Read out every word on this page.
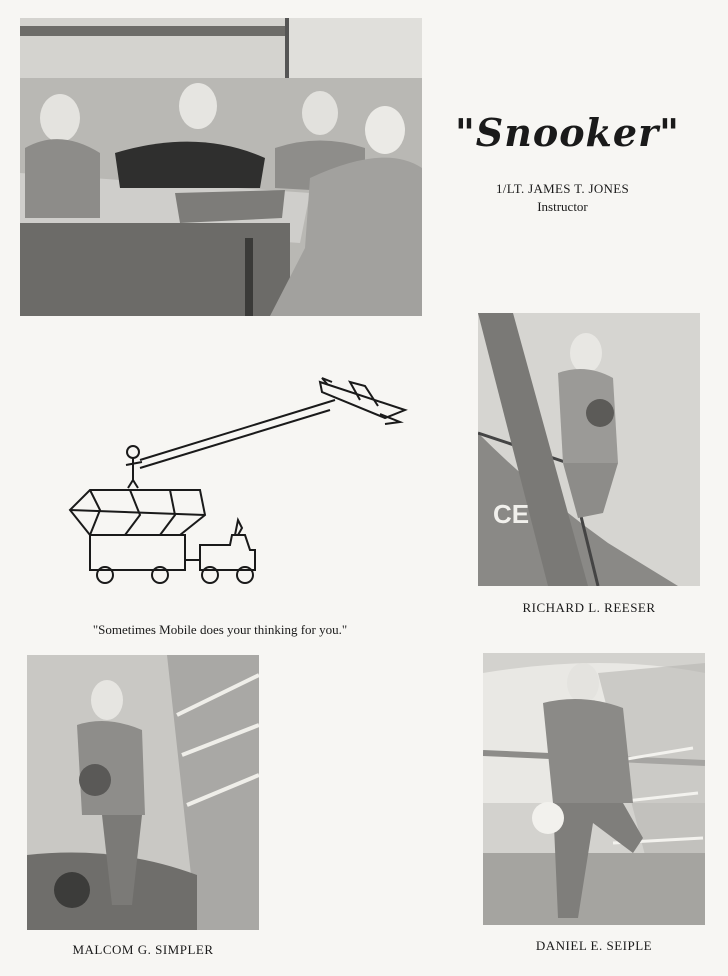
"Snooker"
1/LT. JAMES T. JONES
Instructor
"Sometimes Mobile does your thinking for you."
CE
RICHARD L. REESER
MALCOM G. SIMPLER	DANIEL E. SEIPLE
